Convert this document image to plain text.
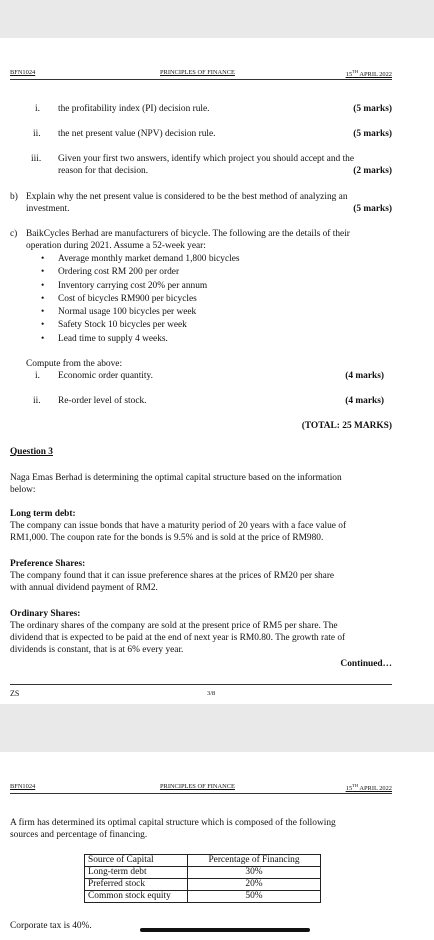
BFN1024	PRINCIPLES OF FINANCE	15TH APRIL 2022
i. the profitability index (PI) decision rule.	(5 marks)
ii. the net present value (NPV) decision rule.	(5 marks)
iii. Given your first two answers, identify which project you should accept and the
reason for that decision.	(2 marks)
b) Explain why the net present value is considered to be the best method of analyzing an
investment.	(5 marks)
c) BaikCycles Berhad are manufacturers of bicycle. The following are the details of their
operation during 2021. Assume a 52-week year:
• Average monthly market demand 1,800 bicycles
• Ordering cost RM 200 per order
• Inventory carrying cost 20% per annum
• Cost of bicycles RM900 per bicycles
• Normal usage 100 bicycles per week
• Safety Stock 10 bicycles per week
• Lead time to supply 4 weeks.
Compute from the above:
i. Economic order quantity.	(4 marks)
ii. Re-order level of stock.	(4 marks)
(TOTAL: 25 MARKS)
Question 3
Naga Emas Berhad is determining the optimal capital structure based on the information
below:
Long term debt:
The company can issue bonds that have a maturity period of 20 years with a face value of
RM1,000. The coupon rate for the bonds is 9.5% and is sold at the price of RM980.
Preference Shares:
The company found that it can issue preference shares at the prices of RM20 per share
with annual dividend payment of RM2.
Ordinary Shares:
The ordinary shares of the company are sold at the present price of RM5 per share. The
dividend that is expected to be paid at the end of next year is RM0.80. The growth rate of
dividends is constant, that is at 6% every year.
Continued…
ZS	3/8
BFN1024	PRINCIPLES OF FINANCE	15TH APRIL 2022
A firm has determined its optimal capital structure which is composed of the following
sources and percentage of financing.
Source of Capital	Percentage of Financing
Long-term debt	30%
Preferred stock	20%
Common stock equity	50%
Corporate tax is 40%.
